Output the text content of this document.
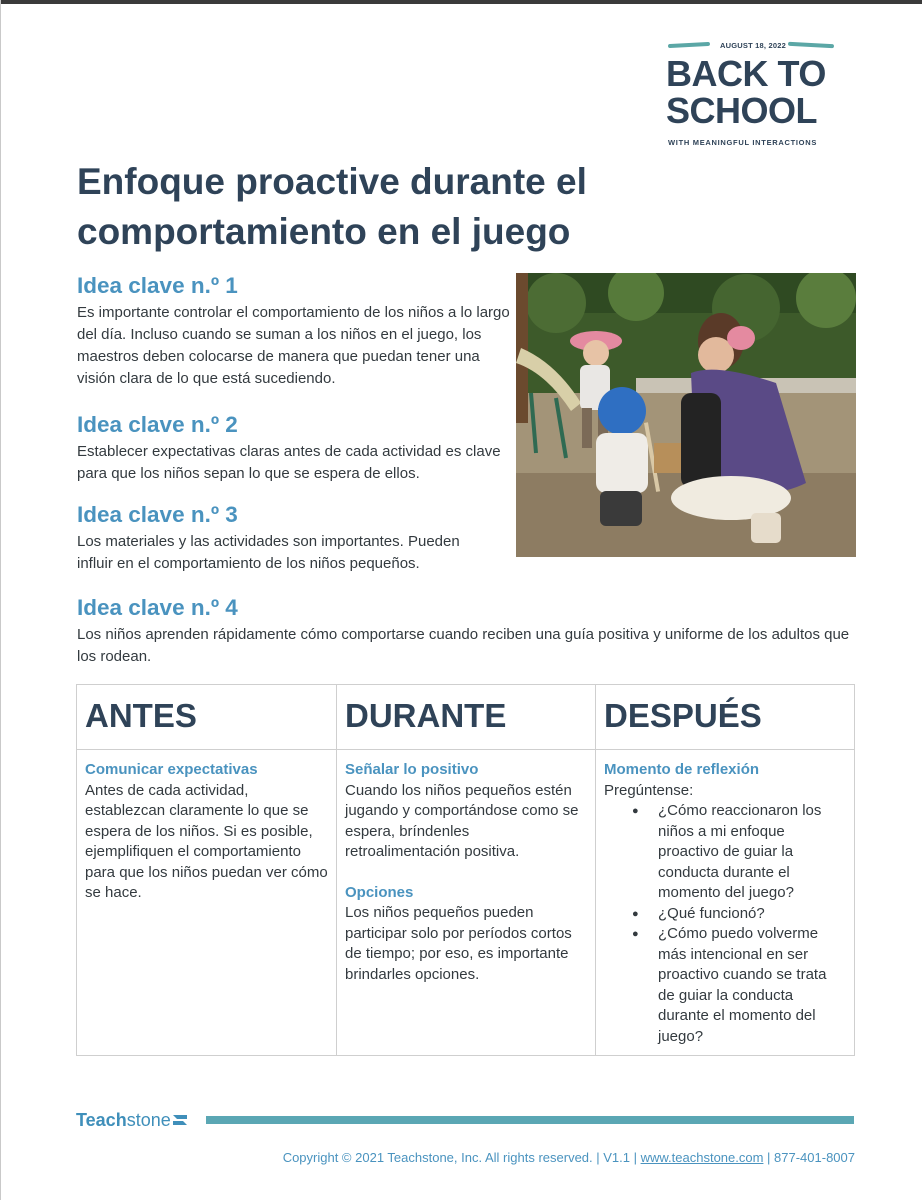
AUGUST 18, 2022
BACK TO
SCHOOL
WITH MEANINGFUL INTERACTIONS
Enfoque proactive durante el comportamiento en el juego
Idea clave n.º 1

Es importante controlar el comportamiento de los niños a lo largo del día. Incluso cuando se suman a los niños en el juego, los maestros deben colocarse de manera que puedan tener una visión clara de lo que está sucediendo.

Idea clave n.º 2

Establecer expectativas claras antes de cada actividad es clave para que los niños sepan lo que se espera de ellos.

Idea clave n.º 3

Los materiales y las actividades son importantes. Pueden influir en el comportamiento de los niños pequeños.

Idea clave n.º 4

Los niños aprenden rápidamente cómo comportarse cuando reciben una guía positiva y uniforme de los adultos que los rodean.

ANTES
Comunicar expectativas
Antes de cada actividad, establezcan claramente lo que se espera de los niños. Si es posible, ejemplifiquen el comportamiento para que los niños puedan ver cómo se hace.
DURANTE
Señalar lo positivo
Cuando los niños pequeños estén jugando y comportándose como se espera, bríndenles retroalimentación positiva.
Opciones
Los niños pequeños pueden participar solo por períodos cortos de tiempo; por eso, es importante brindarles opciones.
DESPUÉS
Momento de reflexión
Pregúntense:
● ¿Cómo reaccionaron los niños a mi enfoque proactivo de guiar la conducta durante el momento del juego?
● ¿Qué funcionó?
● ¿Cómo puedo volverme más intencional en ser proactivo cuando se trata de guiar la conducta durante el momento del juego?
Teachstone
Copyright © 2021 Teachstone, Inc. All rights reserved. | V1.1 | www.teachstone.com | 877-401-8007
